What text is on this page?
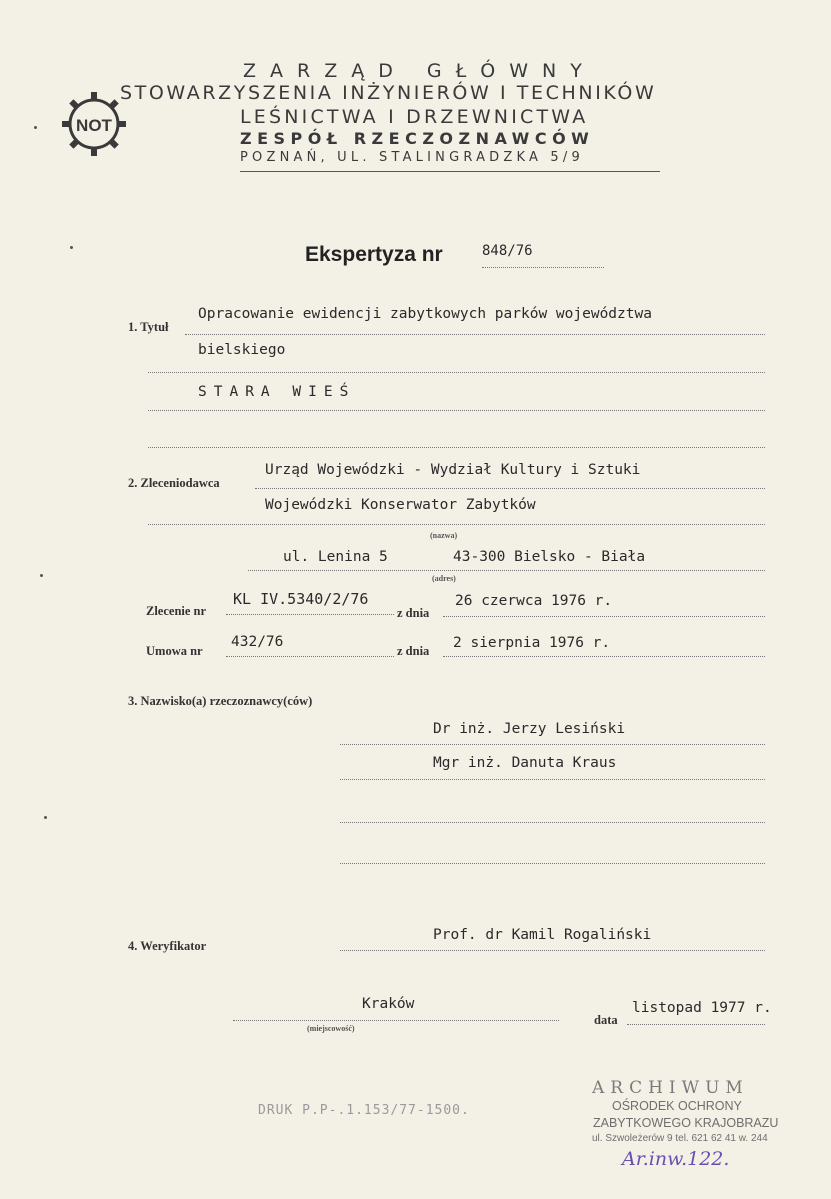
NOT
ZARZĄD GŁÓWNY
STOWARZYSZENIA INŻYNIERÓW I TECHNIKÓW
LEŚNICTWA I DRZEWNICTWA
ZESPÓŁ RZECZOZNAWCÓW
POZNAŃ, UL. STALINGRADZKA 5/9
Ekspertyza nr	848/76
1. Tytuł
Opracowanie ewidencji zabytkowych parków województwa
bielskiego
STARA WIEŚ
2. Zleceniodawca
Urząd Wojewódzki - Wydział Kultury i Sztuki
Wojewódzki Konserwator Zabytków
(nazwa)
ul. Lenina 5	43-300 Bielsko - Biała
(adres)
Zlecenie nr
KL IV.5340/2/76
z dnia
26 czerwca 1976 r.
Umowa nr
432/76
z dnia 2 sierpnia 1976 r.
3. Nazwisko(a) rzeczoznawcy(ców)
Dr inż. Jerzy Lesiński
Mgr inż. Danuta Kraus
4. Weryfikator
Prof. dr Kamil Rogaliński
Kraków
(miejscowość)
data
listopad 1977 r.
DRUK P.P-.1.153/77-1500.
ARCHIWUM
OŚRODEK OCHRONY
ZABYTKOWEGO KRAJOBRAZU
ul. Szwoleżerów 9 tel. 621 62 41 w. 244
Ar.inw.122.
